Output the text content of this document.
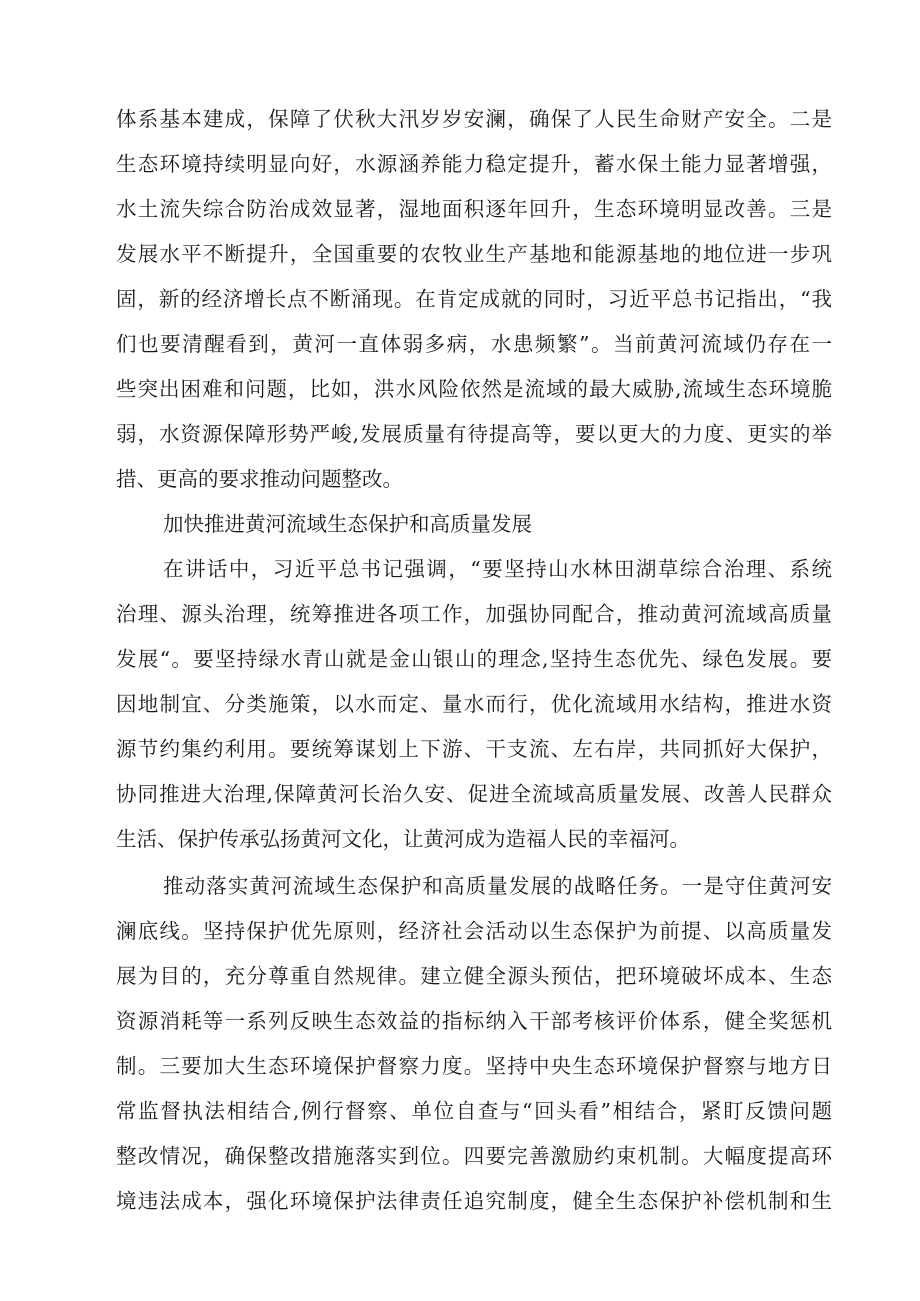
体系基本建成，保障了伏秋大汛岁岁安澜，确保了人民生命财产安全。二是
生态环境持续明显向好，水源涵养能力稳定提升，蓄水保土能力显著增强，
水土流失综合防治成效显著，湿地面积逐年回升，生态环境明显改善。三是
发展水平不断提升，全国重要的农牧业生产基地和能源基地的地位进一步巩
固，新的经济增长点不断涌现。在肯定成就的同时，习近平总书记指出，“我
们也要清醒看到，黄河一直体弱多病，水患频繁”。当前黄河流域仍存在一
些突出困难和问题，比如，洪水风险依然是流域的最大威胁,流域生态环境脆
弱，水资源保障形势严峻,发展质量有待提高等，要以更大的力度、更实的举
措、更高的要求推动问题整改。
加快推进黄河流域生态保护和高质量发展
在讲话中，习近平总书记强调，“要坚持山水林田湖草综合治理、系统
治理、源头治理，统筹推进各项工作，加强协同配合，推动黄河流域高质量
发展“。要坚持绿水青山就是金山银山的理念,坚持生态优先、绿色发展。要
因地制宜、分类施策，以水而定、量水而行，优化流域用水结构，推进水资
源节约集约利用。要统筹谋划上下游、干支流、左右岸，共同抓好大保护，
协同推进大治理,保障黄河长治久安、促进全流域高质量发展、改善人民群众
生活、保护传承弘扬黄河文化，让黄河成为造福人民的幸福河。
推动落实黄河流域生态保护和高质量发展的战略任务。一是守住黄河安
澜底线。坚持保护优先原则，经济社会活动以生态保护为前提、以高质量发
展为目的，充分尊重自然规律。建立健全源头预估，把环境破坏成本、生态
资源消耗等一系列反映生态效益的指标纳入干部考核评价体系，健全奖惩机
制。三要加大生态环境保护督察力度。坚持中央生态环境保护督察与地方日
常监督执法相结合,例行督察、单位自查与“回头看”相结合，紧盯反馈问题
整改情况，确保整改措施落实到位。四要完善激励约束机制。大幅度提高环
境违法成本，强化环境保护法律责任追究制度，健全生态保护补偿机制和生
